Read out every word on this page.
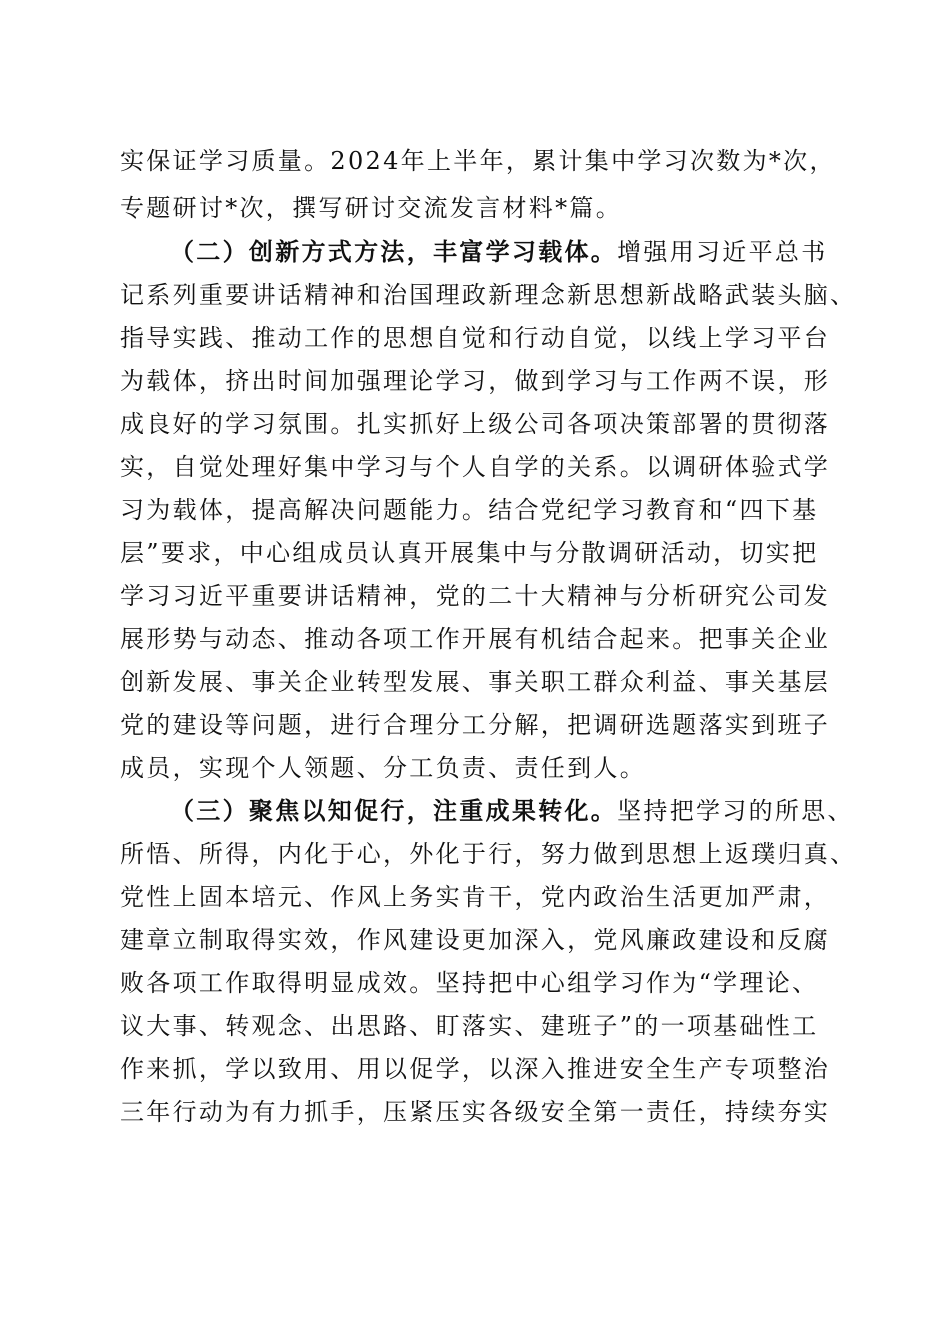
实保证学习质量。2024年上半年，累计集中学习次数为*次，
专题研讨*次，撰写研讨交流发言材料*篇。
（二）创新方式方法，丰富学习载体。增强用习近平总书
记系列重要讲话精神和治国理政新理念新思想新战略武装头脑、
指导实践、推动工作的思想自觉和行动自觉，以线上学习平台
为载体，挤出时间加强理论学习，做到学习与工作两不误，形
成良好的学习氛围。扎实抓好上级公司各项决策部署的贯彻落
实，自觉处理好集中学习与个人自学的关系。以调研体验式学
习为载体，提高解决问题能力。结合党纪学习教育和“四下基
层”要求，中心组成员认真开展集中与分散调研活动，切实把
学习习近平重要讲话精神，党的二十大精神与分析研究公司发
展形势与动态、推动各项工作开展有机结合起来。把事关企业
创新发展、事关企业转型发展、事关职工群众利益、事关基层
党的建设等问题，进行合理分工分解，把调研选题落实到班子
成员，实现个人领题、分工负责、责任到人。
（三）聚焦以知促行，注重成果转化。坚持把学习的所思、
所悟、所得，内化于心，外化于行，努力做到思想上返璞归真、
党性上固本培元、作风上务实肯干，党内政治生活更加严肃，
建章立制取得实效，作风建设更加深入，党风廉政建设和反腐
败各项工作取得明显成效。坚持把中心组学习作为“学理论、
议大事、转观念、出思路、盯落实、建班子”的一项基础性工
作来抓，学以致用、用以促学，以深入推进安全生产专项整治
三年行动为有力抓手，压紧压实各级安全第一责任，持续夯实
